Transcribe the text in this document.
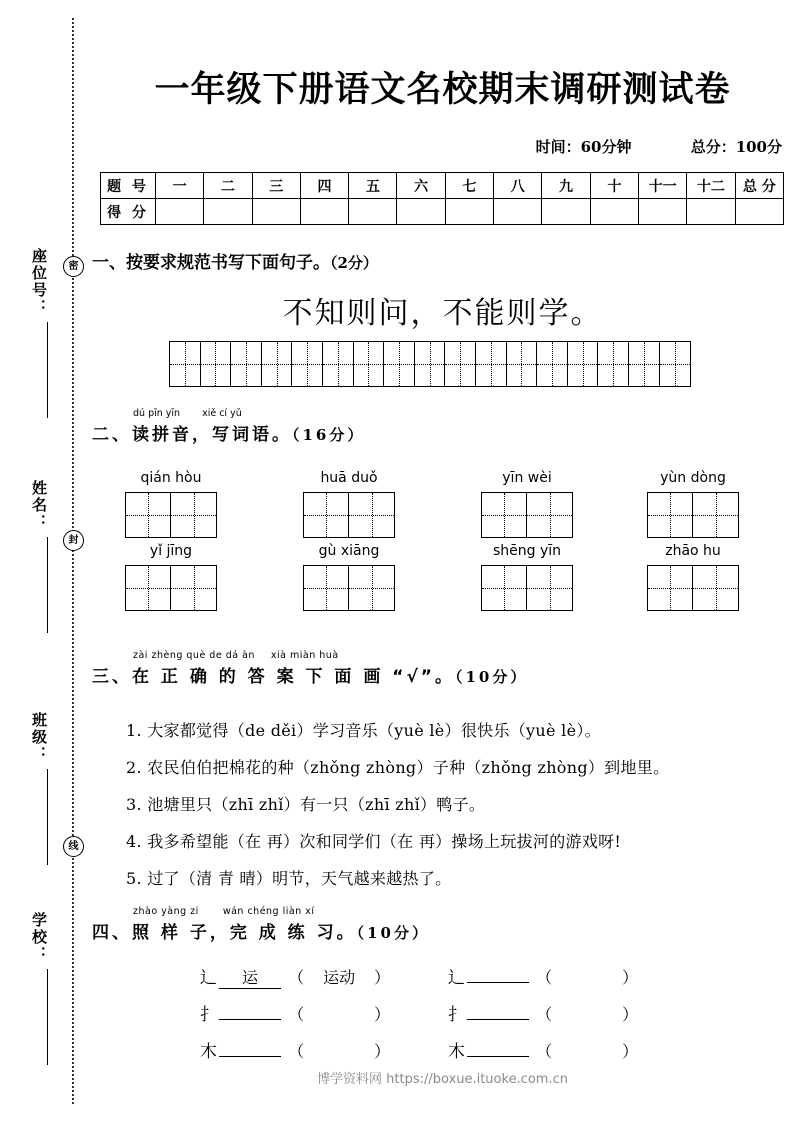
密
封
线
座位号：
姓名：
班级：
学校：
一年级下册语文名校期末调研测试卷
时间：60分钟	总分：100分
题 号	一	二	三	四	五	六	七	八	九	十	十一	十二	总 分
得 分													
一、按要求规范书写下面句子。（2分）
不知则问，不能则学。
dú pīn yīn xiě cí yǔ
二、读拼音，写词语。（16分）
qián hòu	huā duǒ	yīn wèi	yùn dòng
yǐ jīng	gù xiāng	shēng yīn	zhāo hu
zài zhèng què de dá àn xià miàn huà
三、在 正 确 的 答 案 下 面 画 “√”。（10分）
1. 大家都觉得（de děi）学习音乐（yuè lè）很快乐（yuè lè）。
2. 农民伯伯把棉花的种（zhǒng zhòng）子种（zhǒng zhòng）到地里。
3. 池塘里只（zhī zhǐ）有一只（zhī zhǐ）鸭子。
4. 我多希望能（在 再）次和同学们（在 再）操场上玩拔河的游戏呀!
5. 过了（清 青 晴）明节，天气越来越热了。
zhào yàng zi	wán chéng liàn xí
四、照 样 子，完 成 练 习。（10分）
辶 运 （ 运动 ）	辶	（	）
扌	（	）	扌	（	）
木	（	）	木	（	）
博学资料网 https://boxue.ituoke.com.cn
